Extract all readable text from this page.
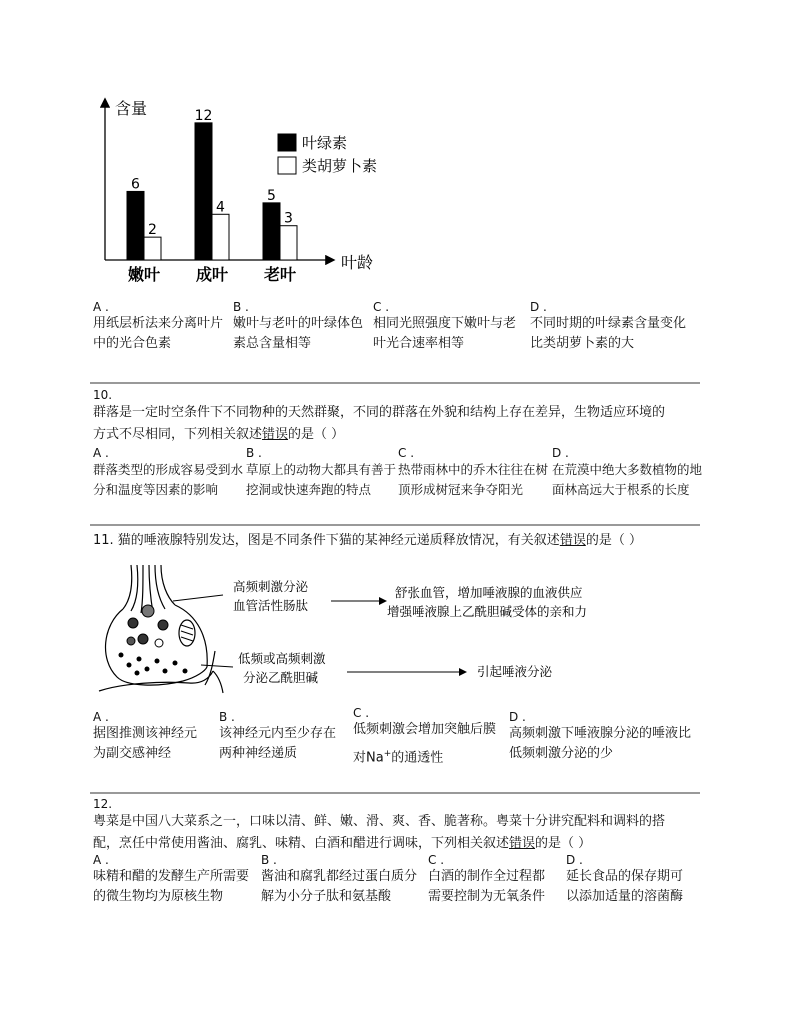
含量
叶龄
6
2
嫩叶
12
4
成叶
5
3
老叶
叶绿素
类胡萝卜素
A .
用纸层析法来分离叶片
中的光合色素
B .
嫩叶与老叶的叶绿体色
素总含量相等
C .
相同光照强度下嫩叶与老
叶光合速率相等
D .
不同时期的叶绿素含量变化
比类胡萝卜素的大
10.
群落是一定时空条件下不同物种的天然群聚，不同的群落在外貌和结构上存在差异，生物适应环境的
方式不尽相同，下列相关叙述错误的是（ ）
A .
群落类型的形成容易受到水分和温度等因素的影响
B .
草原上的动物大都具有善于挖洞或快速奔跑的特点
C .
热带雨林中的乔木往往在树顶形成树冠来争夺阳光
D .
在荒漠中绝大多数植物的地面林高远大于根系的长度
11. 猫的唾液腺特别发达，图是不同条件下猫的某神经元递质释放情况，有关叙述错误的是（ ）
高频刺激分泌
血管活性肠肽
舒张血管，增加唾液腺的血液供应
增强唾液腺上乙酰胆碱受体的亲和力
低频或高频刺激
分泌乙酰胆碱	引起唾液分泌
A .
据图推测该神经元
为副交感神经
B .
该神经元内至少存在
两种神经递质
C .
低频刺激会增加突触后膜
对Na+的通透性
D .
高频刺激下唾液腺分泌的唾液比
低频刺激分泌的少
12.
粤菜是中国八大菜系之一，口味以清、鲜、嫩、滑、爽、香、脆著称。粤菜十分讲究配料和调料的搭
配，烹任中常使用酱油、腐乳、味精、白酒和醋进行调味，下列相关叙述错误的是（ ）
A .
味精和醋的发酵生产所需要
的微生物均为原核生物
B .
酱油和腐乳都经过蛋白质分
解为小分子肽和氨基酸
C .
白酒的制作全过程都
需要控制为无氧条件
D .
延长食品的保存期可
以添加适量的溶菌酶
